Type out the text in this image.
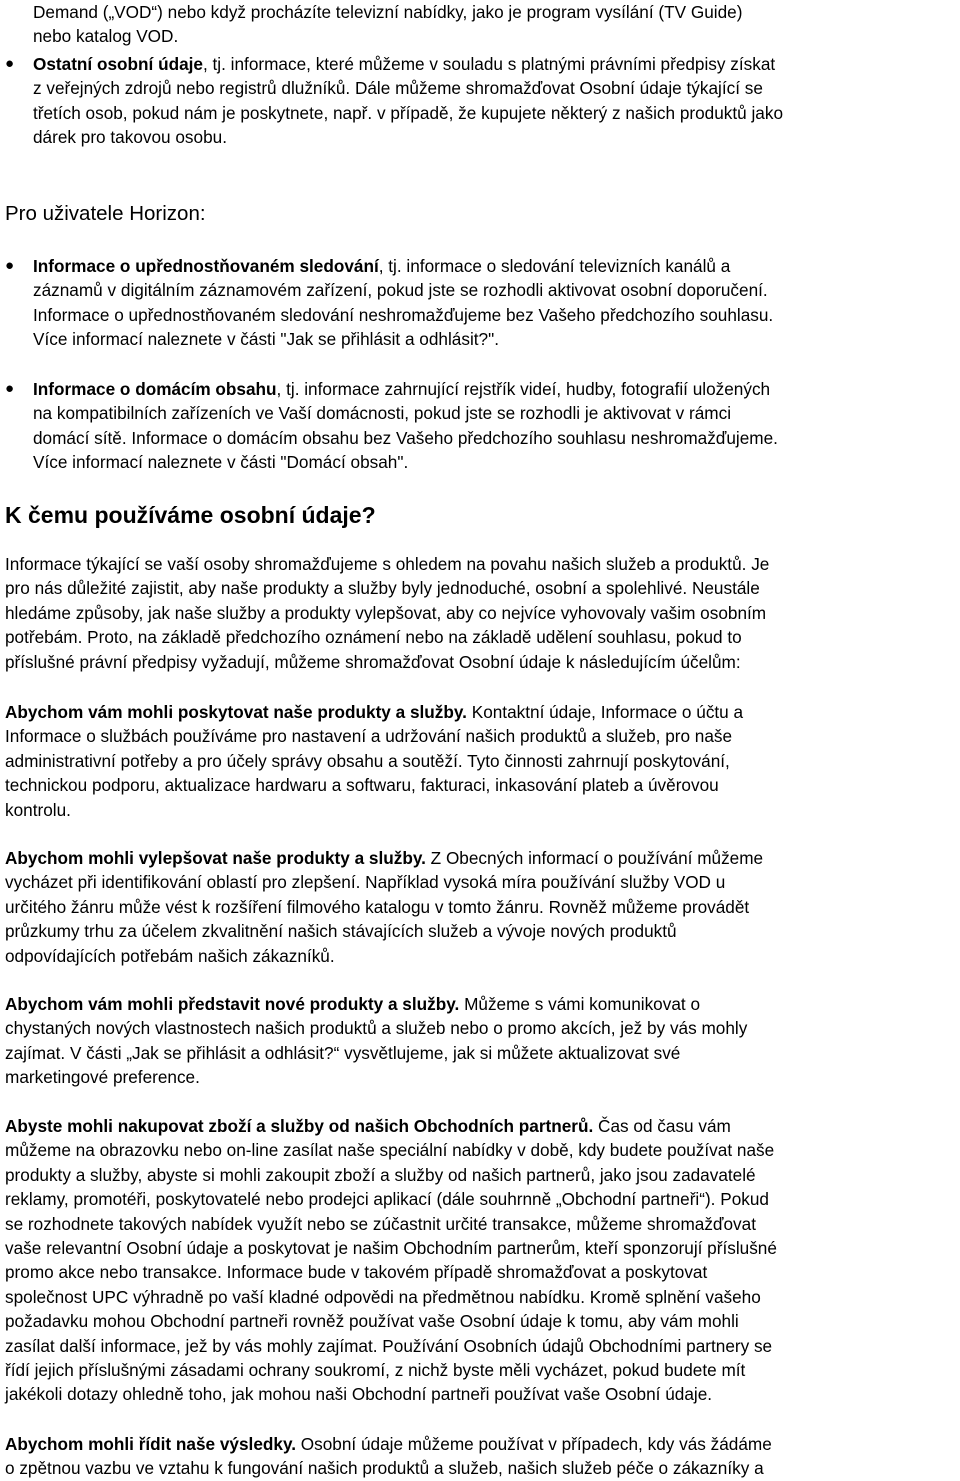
Demand („VOD“) nebo když procházíte televizní nabídky, jako je program vysílání (TV Guide)
nebo katalog VOD.

● Ostatní osobní údaje, tj. informace, které můžeme v souladu s platnými právními předpisy získat
z veřejných zdrojů nebo registrů dlužníků. Dále můžeme shromažďovat Osobní údaje týkající se
třetích osob, pokud nám je poskytnete, např. v případě, že kupujete některý z našich produktů jako
dárek pro takovou osobu.

Pro uživatele Horizon:
● Informace o upřednostňovaném sledování, tj. informace o sledování televizních kanálů a
záznamů v digitálním záznamovém zařízení, pokud jste se rozhodli aktivovat osobní doporučení.
Informace o upřednostňovaném sledování neshromažďujeme bez Vašeho předchozího souhlasu.
Více informací naleznete v části "Jak se přihlásit a odhlásit?".

● Informace o domácím obsahu, tj. informace zahrnující rejstřík videí, hudby, fotografií uložených
na kompatibilních zařízeních ve Vaší domácnosti, pokud jste se rozhodli je aktivovat v rámci
domácí sítě. Informace o domácím obsahu bez Vašeho předchozího souhlasu neshromažďujeme.
Více informací naleznete v části "Domácí obsah".

K čemu používáme osobní údaje?

Informace týkající se vaší osoby shromažďujeme s ohledem na povahu našich služeb a produktů. Je
pro nás důležité zajistit, aby naše produkty a služby byly jednoduché, osobní a spolehlivé. Neustále
hledáme způsoby, jak naše služby a produkty vylepšovat, aby co nejvíce vyhovovaly vašim osobním
potřebám. Proto, na základě předchozího oznámení nebo na základě udělení souhlasu, pokud to
příslušné právní předpisy vyžadují, můžeme shromažďovat Osobní údaje k následujícím účelům:

Abychom vám mohli poskytovat naše produkty a služby. Kontaktní údaje, Informace o účtu a
Informace o službách používáme pro nastavení a udržování našich produktů a služeb, pro naše
administrativní potřeby a pro účely správy obsahu a soutěží. Tyto činnosti zahrnují poskytování,
technickou podporu, aktualizace hardwaru a softwaru, fakturaci, inkasování plateb a úvěrovou
kontrolu.

Abychom mohli vylepšovat naše produkty a služby. Z Obecných informací o používání můžeme
vycházet při identifikování oblastí pro zlepšení. Například vysoká míra používání služby VOD u
určitého žánru může vést k rozšíření filmového katalogu v tomto žánru. Rovněž můžeme provádět
průzkumy trhu za účelem zkvalitnění našich stávajících služeb a vývoje nových produktů
odpovídajících potřebám našich zákazníků.

Abychom vám mohli představit nové produkty a služby. Můžeme s vámi komunikovat o
chystaných nových vlastnostech našich produktů a služeb nebo o promo akcích, jež by vás mohly
zajímat. V části „Jak se přihlásit a odhlásit?“ vysvětlujeme, jak si můžete aktualizovat své
marketingové preference.

Abyste mohli nakupovat zboží a služby od našich Obchodních partnerů. Čas od času vám
můžeme na obrazovku nebo on-line zasílat naše speciální nabídky v době, kdy budete používat naše
produkty a služby, abyste si mohli zakoupit zboží a služby od našich partnerů, jako jsou zadavatelé
reklamy, promotéři, poskytovatelé nebo prodejci aplikací (dále souhrnně „Obchodní partneři“). Pokud
se rozhodnete takových nabídek využít nebo se zúčastnit určité transakce, můžeme shromažďovat
vaše relevantní Osobní údaje a poskytovat je našim Obchodním partnerům, kteří sponzorují příslušné
promo akce nebo transakce. Informace bude v takovém případě shromažďovat a poskytovat
společnost UPC výhradně po vaší kladné odpovědi na předmětnou nabídku. Kromě splnění vašeho
požadavku mohou Obchodní partneři rovněž používat vaše Osobní údaje k tomu, aby vám mohli
zasílat další informace, jež by vás mohly zajímat. Používání Osobních údajů Obchodními partnery se
řídí jejich příslušnými zásadami ochrany soukromí, z nichž byste měli vycházet, pokud budete mít
jakékoli dotazy ohledně toho, jak mohou naši Obchodní partneři používat vaše Osobní údaje.

Abychom mohli řídit naše výsledky. Osobní údaje můžeme používat v případech, kdy vás žádáme
o zpětnou vazbu ve vztahu k fungování našich produktů a služeb, našich služeb péče o zákazníky a
